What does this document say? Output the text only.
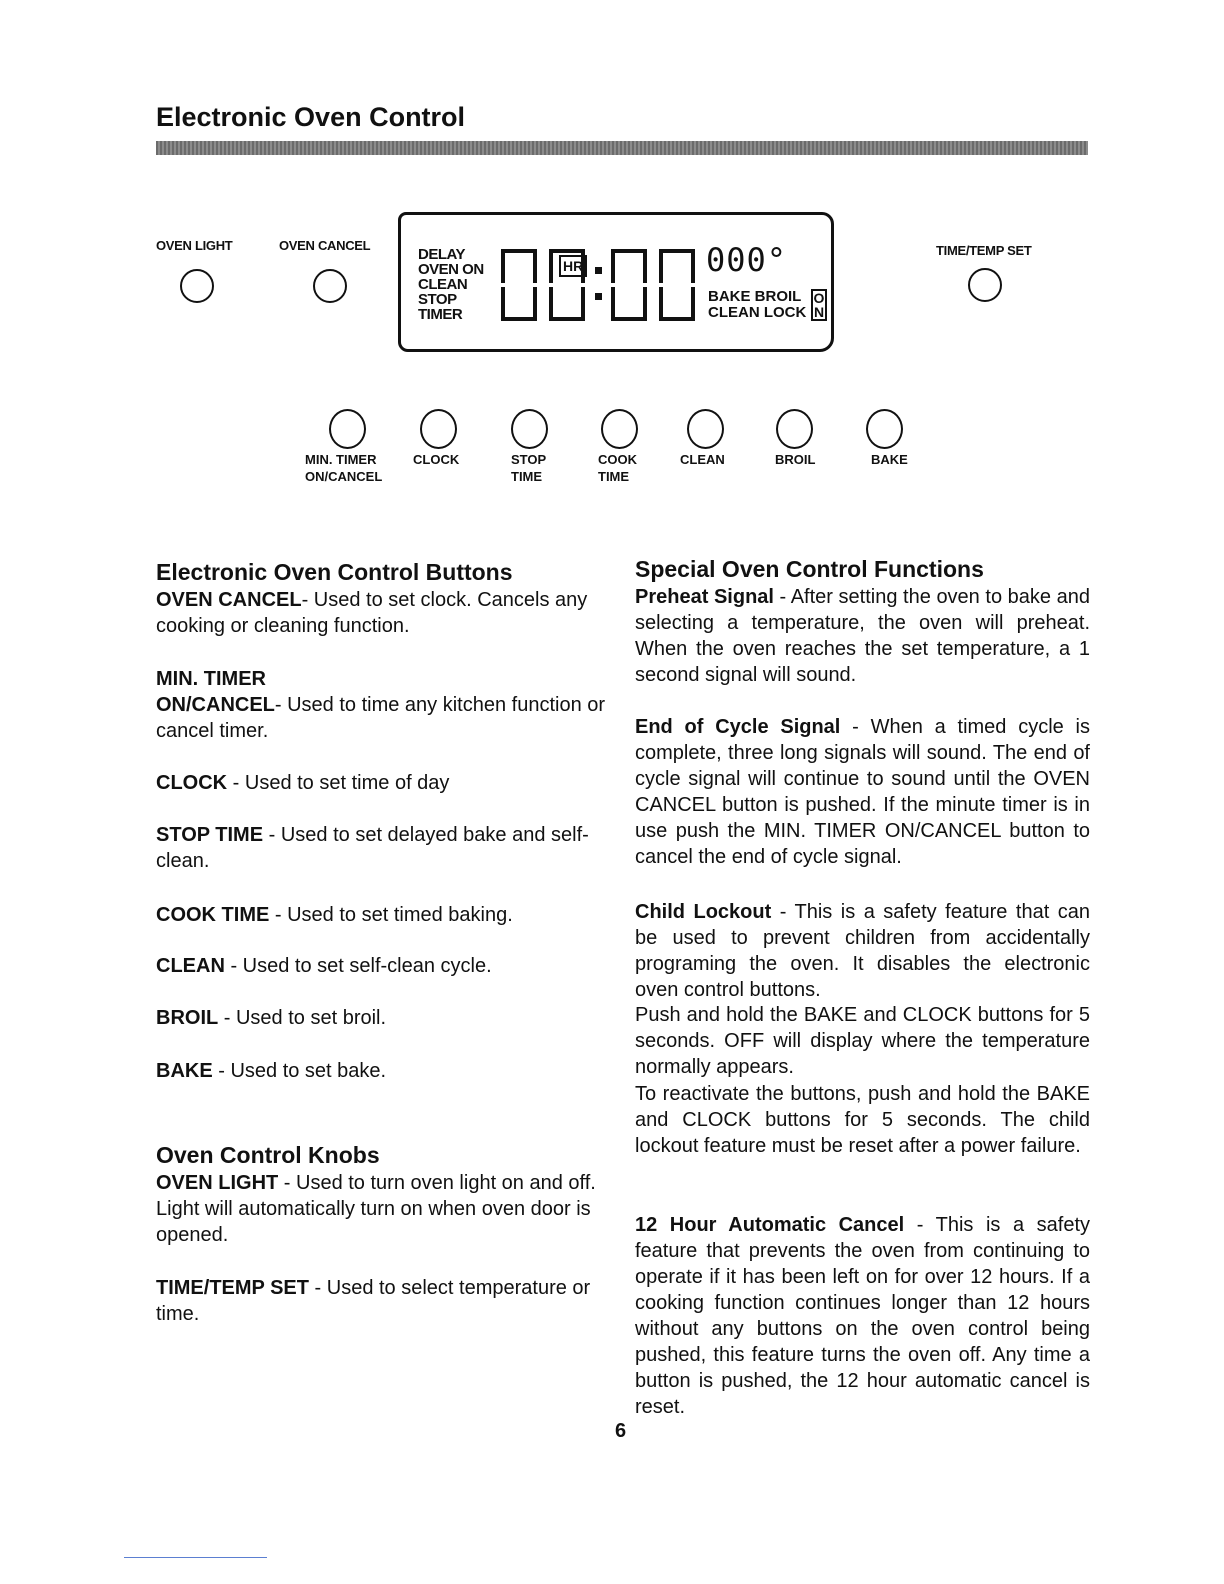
Electronic Oven Control
OVEN LIGHT	OVEN CANCEL	TIME/TEMP SET
DELAY
OVEN ON
CLEAN
STOP
TIMER
HR	000°
BAKE BROIL
CLEAN LOCK
O
N
MIN. TIMER
ON/CANCEL
CLOCK	STOP
TIME
COOK
TIME
CLEAN	BROIL	BAKE
Electronic Oven Control Buttons
OVEN CANCEL- Used to set clock. Cancels any cooking or cleaning function.
MIN. TIMER
ON/CANCEL- Used to time any kitchen function or cancel timer.
CLOCK - Used to set time of day
STOP TIME - Used to set delayed bake and self-clean.
COOK TIME - Used to set timed baking.
CLEAN - Used to set self-clean cycle.
BROIL - Used to set broil.
BAKE - Used to set bake.
Oven Control Knobs
OVEN LIGHT - Used to turn oven light on and off. Light will automatically turn on when oven door is opened.
TIME/TEMP SET - Used to select temperature or time.
Special Oven Control Functions
Preheat Signal - After setting the oven to bake and selecting a temperature, the oven will preheat. When the oven reaches the set temperature, a 1 second signal will sound.
End of Cycle Signal - When a timed cycle is complete, three long signals will sound. The end of cycle signal will continue to sound until the OVEN CANCEL button is pushed. If the minute timer is in use push the MIN. TIMER ON/CANCEL button to cancel the end of cycle signal.
Child Lockout - This is a safety feature that can be used to prevent children from accidentally programing the oven. It disables the electronic oven control buttons.
Push and hold the BAKE and CLOCK buttons for 5 seconds. OFF will display where the temperature normally appears.
To reactivate the buttons, push and hold the BAKE and CLOCK buttons for 5 seconds. The child lockout feature must be reset after a power failure.
12 Hour Automatic Cancel - This is a safety feature that prevents the oven from continuing to operate if it has been left on for over 12 hours. If a cooking function continues longer than 12 hours without any buttons on the oven control being pushed, this feature turns the oven off. Any time a button is pushed, the 12 hour automatic cancel is reset.
6
